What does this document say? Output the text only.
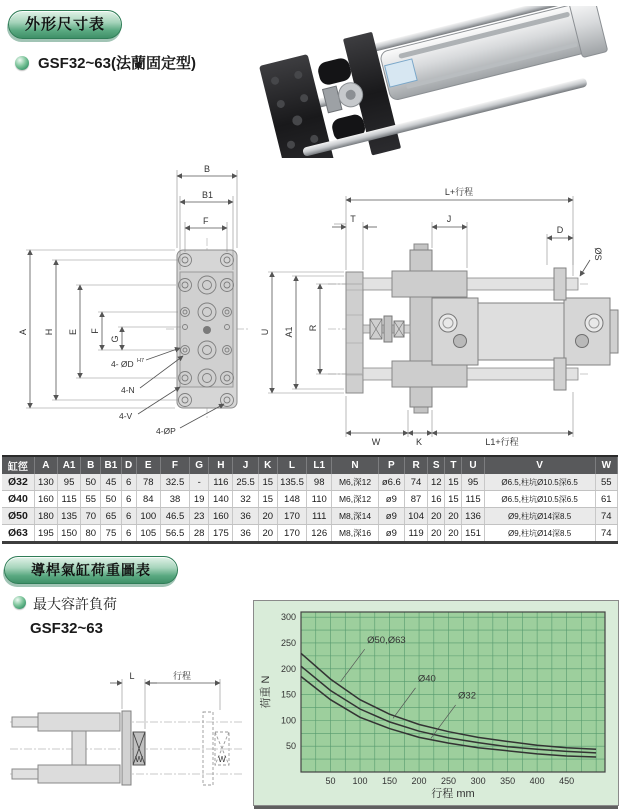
外形尺寸表
GSF32~63(法蘭固定型)
B
B1
F
A H E F
G
4- ØD H7
4-N
4-V
4-ØP
L+行程
T	J
D
ØS
U A1 R
W	K	L1+行程
缸徑	A	A1	B	B1	D	E	F	G	H	J	K	L	L1	N	P	R	S	T	U	V	W
Ø32	130	95	50	45	6	78	32.5	-	116	25.5	15	135.5	98	M6,深12	ø6.6	74	12	15	95	Ø6.5,柱坑Ø10.5深6.5	55
Ø40	160	115	55	50	6	84	38	19	140	32	15	148	110	M6,深12	ø9	87	16	15	115	Ø6.5,柱坑Ø10.5深6.5	61
Ø50	180	135	70	65	6	100	46.5	23	160	36	20	170	111	M8,深14	ø9	104	20	20	136	Ø9,柱坑Ø14深8.5	74
Ø63	195	150	80	75	6	105	56.5	28	175	36	20	170	126	M8,深16	ø9	119	20	20	151	Ø9,柱坑Ø14深8.5	74
導桿氣缸荷重圖表
最大容許負荷
GSF32~63
W	W
L	行程
50 100 150 200 250 300 350 400 450
50
100
150
200
250
300
Ø50,Ø63
Ø40
Ø32
行程 mm
荷重 N
